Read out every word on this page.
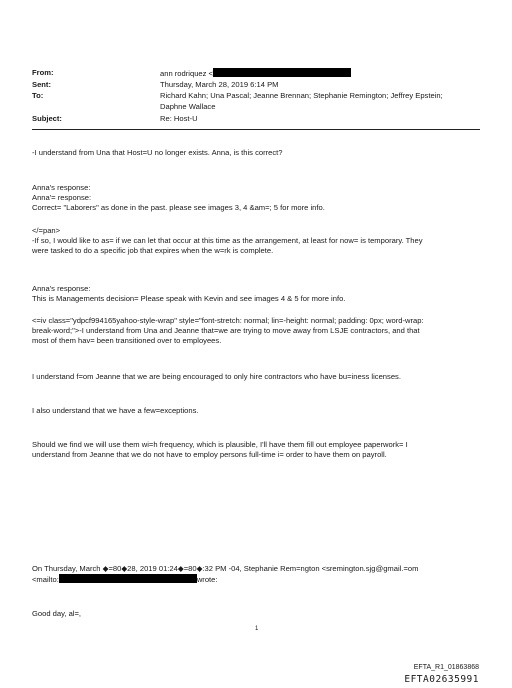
From:	ann rodriquez <
Sent:	Thursday, March 28, 2019 6:14 PM
To:	Richard Kahn; Una Pascal; Jeanne Brennan; Stephanie Remington; Jeffrey Epstein;
Daphne Wallace
Subject:	Re: Host-U

-I understand from Una that Host=U no longer exists. Anna, is this correct?

Anna's response:

Anna'= response:

Correct= "Laborers" as done in the past. please see images 3, 4 &am=; 5 for more info.

</=pan>

-If so, I would like to as= if we can let that occur at this time as the arrangement, at least for now= is temporary. They

were tasked to do a specific job that expires when the w=rk is complete.

Anna's response:

This is Managements decision= Please speak with Kevin and see images 4 & 5 for more info.

<=iv class="ydpcf994165yahoo-style-wrap" style="font-stretch: normal; lin=-height: normal; padding: 0px; word-wrap:

break-word;">-I understand from Una and Jeanne that=we are trying to move away from LSJE contractors, and that

most of them hav= been transitioned over to employees.

I understand f=om Jeanne that we are being encouraged to only hire contractors who have bu=iness licenses.

I also understand that we have a few=exceptions.

Should we find we will use them wi=h frequency, which is plausible, I'll have them fill out employee paperwork= I

understand from Jeanne that we do not have to employ persons full-time i= order to have them on payroll.

On Thursday, March ◆=80◆28, 2019 01:24◆=80◆:32 PM -04, Stephanie Rem=ngton <sremington.sjg@gmail.=om

<mailto:	wrote:

Good day, al=,

1
EFTA_R1_01863868
EFTA02635991
